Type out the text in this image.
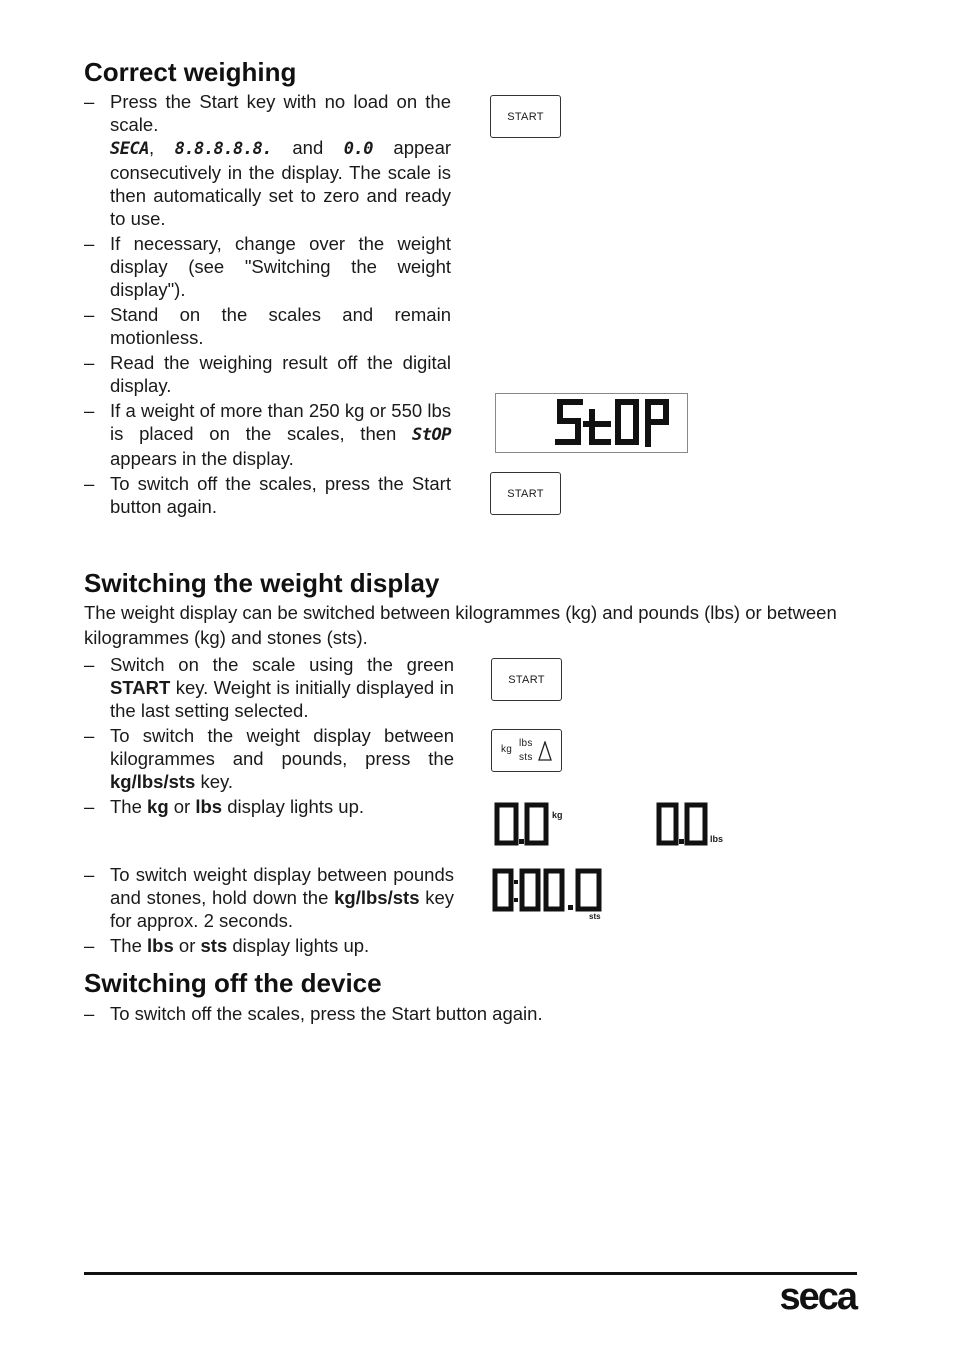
Correct weighing
– Press the Start key with no load on the scale.
SECA, 8.8.8.8.8. and 0.0 appear consecutively in the display. The scale is then automatically set to zero and ready to use.
– If necessary, change over the weight display (see "Switching the weight display").
– Stand on the scales and remain motionless.
– Read the weighing result off the digital display.
– If a weight of more than 250 kg or 550 lbs is placed on the scales, then StOP appears in the display.
– To switch off the scales, press the Start button again.
START
START
Switching the weight display

The weight display can be switched between kilogrammes (kg) and pounds (lbs) or between kilogrammes (kg) and stones (sts).

– Switch on the scale using the green START key. Weight is initially displayed in the last setting selected.
– To switch the weight display between kilogrammes and pounds, press the kg/lbs/sts key.
– The kg or lbs display lights up.
– To switch weight display between pounds and stones, hold down the kg/lbs/sts key for approx. 2 seconds.
– The lbs or sts display lights up.
START
kg
lbs
sts
kg
lbs
sts
Switching off the device
– To switch off the scales, press the Start button again.
seca
